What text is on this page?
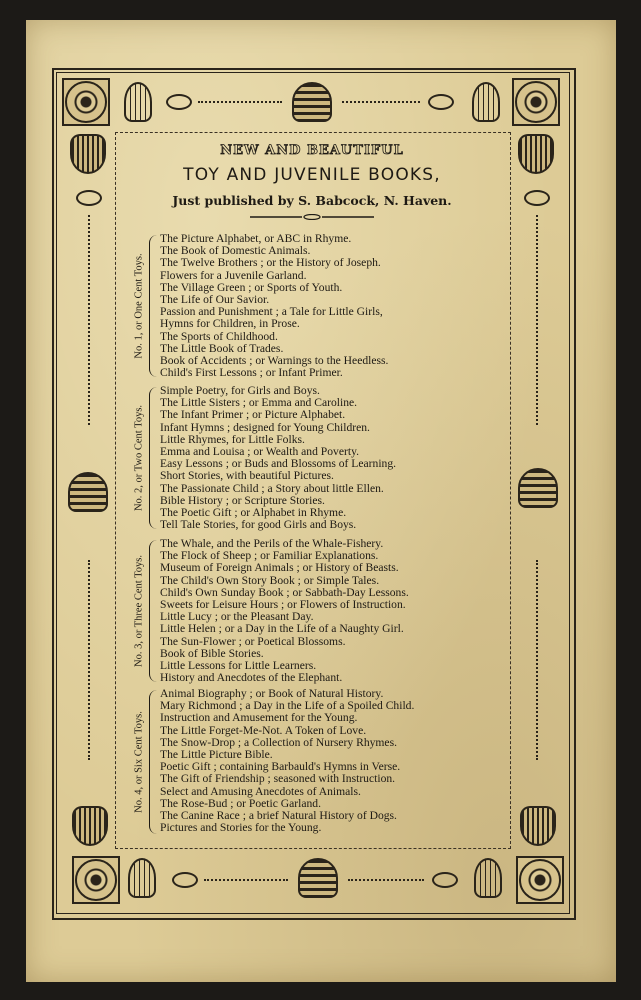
NEW AND BEAUTIFUL
TOY AND JUVENILE BOOKS,
Just published by S. Babcock, N. Haven.
No. 1, or One Cent Toys.
The Picture Alphabet, or ABC in Rhyme.
The Book of Domestic Animals.
The Twelve Brothers ; or the History of Joseph.
Flowers for a Juvenile Garland.
The Village Green ; or Sports of Youth.
The Life of Our Savior.
Passion and Punishment ; a Tale for Little Girls,
Hymns for Children, in Prose.
The Sports of Childhood.
The Little Book of Trades.
Book of Accidents ; or Warnings to the Heedless.
Child's First Lessons ; or Infant Primer.
No. 2, or Two Cent Toys.
Simple Poetry, for Girls and Boys.
The Little Sisters ; or Emma and Caroline.
The Infant Primer ; or Picture Alphabet.
Infant Hymns ; designed for Young Children.
Little Rhymes, for Little Folks.
Emma and Louisa ; or Wealth and Poverty.
Easy Lessons ; or Buds and Blossoms of Learning.
Short Stories, with beautiful Pictures.
The Passionate Child ; a Story about little Ellen.
Bible History ; or Scripture Stories.
The Poetic Gift ; or Alphabet in Rhyme.
Tell Tale Stories, for good Girls and Boys.
No. 3, or Three Cent Toys.
The Whale, and the Perils of the Whale-Fishery.
The Flock of Sheep ; or Familiar Explanations.
Museum of Foreign Animals ; or History of Beasts.
The Child's Own Story Book ; or Simple Tales.
Child's Own Sunday Book ; or Sabbath-Day Lessons.
Sweets for Leisure Hours ; or Flowers of Instruction.
Little Lucy ; or the Pleasant Day.
Little Helen ; or a Day in the Life of a Naughty Girl.
The Sun-Flower ; or Poetical Blossoms.
Book of Bible Stories.
Little Lessons for Little Learners.
History and Anecdotes of the Elephant.
No. 4, or Six Cent Toys.
Animal Biography ; or Book of Natural History.
Mary Richmond ; a Day in the Life of a Spoiled Child.
Instruction and Amusement for the Young.
The Little Forget-Me-Not. A Token of Love.
The Snow-Drop ; a Collection of Nursery Rhymes.
The Little Picture Bible.
Poetic Gift ; containing Barbauld's Hymns in Verse.
The Gift of Friendship ; seasoned with Instruction.
Select and Amusing Anecdotes of Animals.
The Rose-Bud ; or Poetic Garland.
The Canine Race ; a brief Natural History of Dogs.
Pictures and Stories for the Young.
